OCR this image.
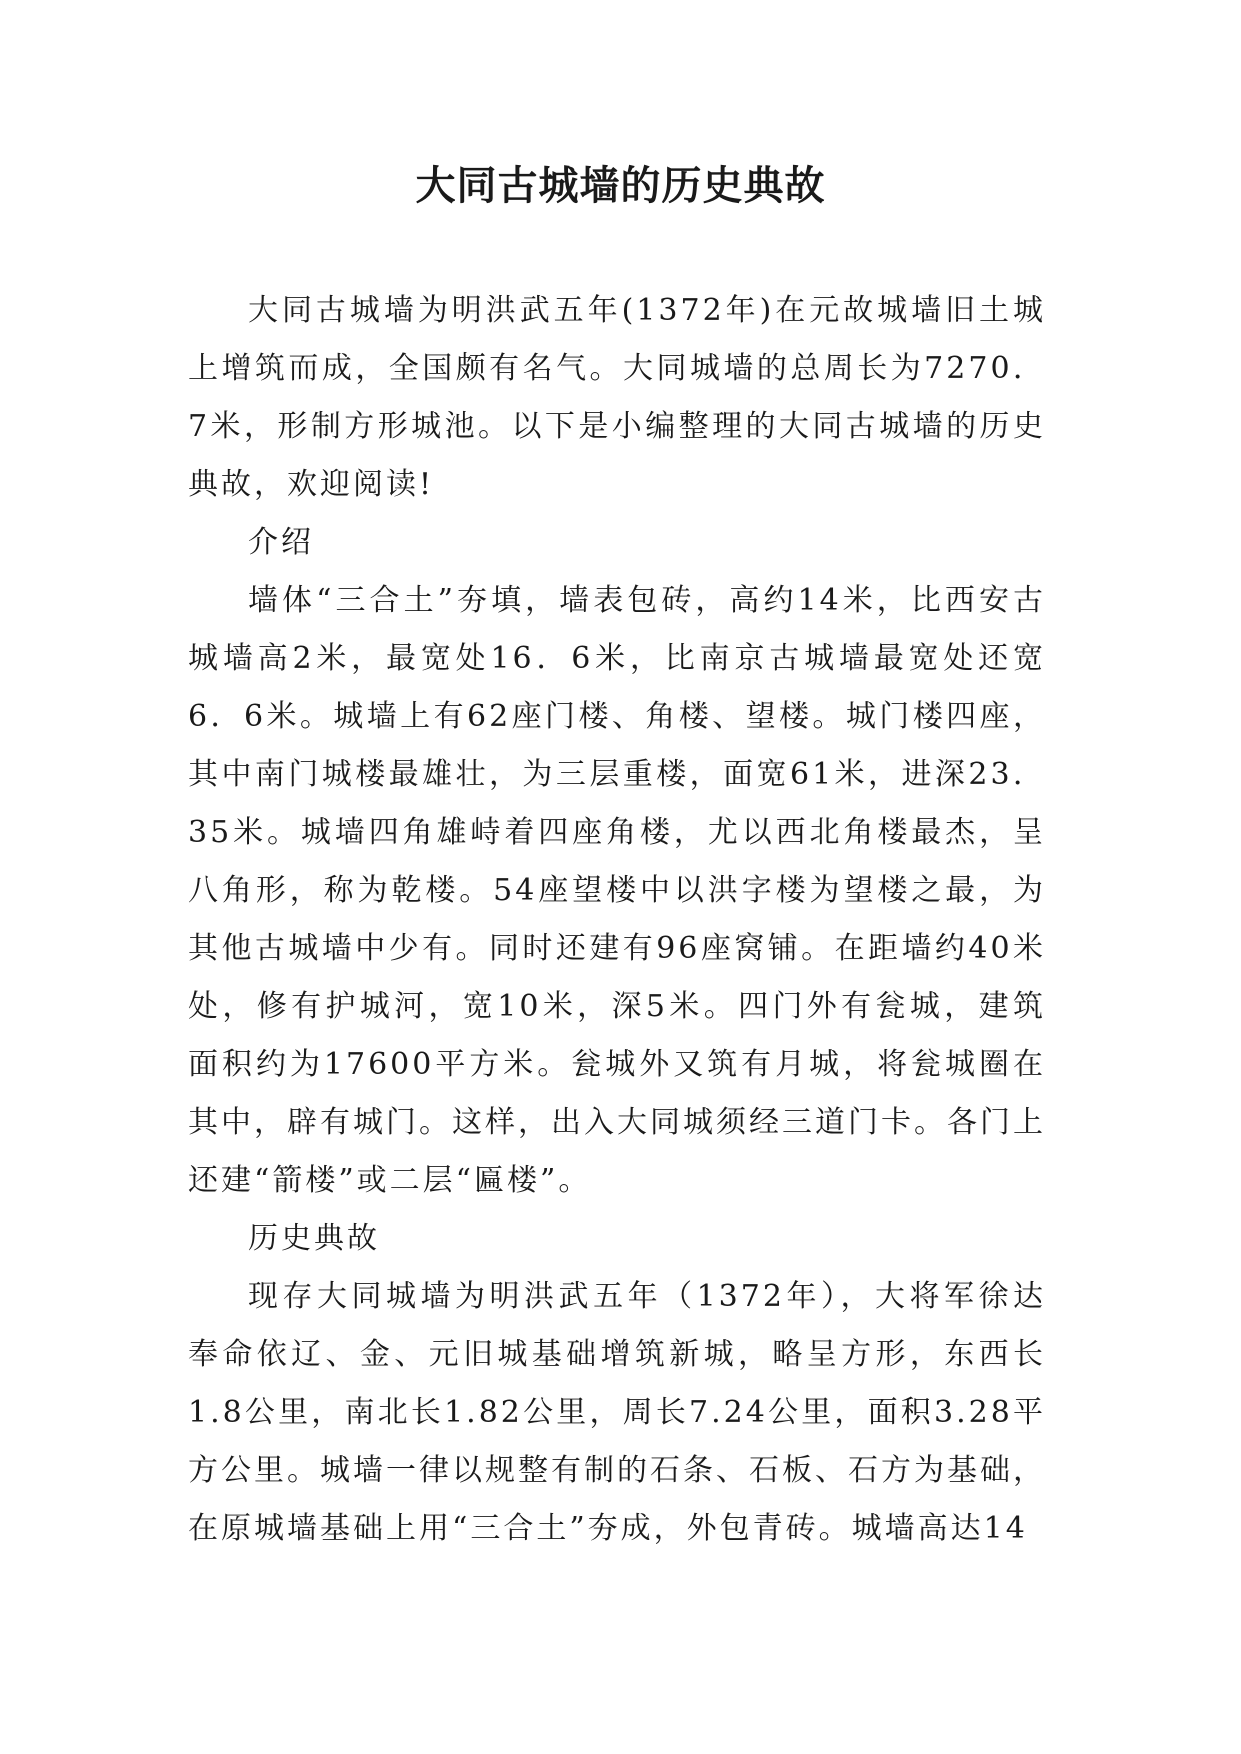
大同古城墙的历史典故

大同古城墙为明洪武五年(1372年)在元故城墙旧土城上增筑而成，全国颇有名气。大同城墙的总周长为7270．7米，形制方形城池。以下是小编整理的大同古城墙的历史典故，欢迎阅读!

介绍

墙体“三合土”夯填，墙表包砖，高约14米，比西安古城墙高2米，最宽处16．6米，比南京古城墙最宽处还宽6．6米。城墙上有62座门楼、角楼、望楼。城门楼四座，其中南门城楼最雄壮，为三层重楼，面宽61米，进深23．35米。城墙四角雄峙着四座角楼，尤以西北角楼最杰，呈八角形，称为乾楼。54座望楼中以洪字楼为望楼之最，为其他古城墙中少有。同时还建有96座窝铺。在距墙约40米处，修有护城河，宽10米，深5米。四门外有瓮城，建筑面积约为17600平方米。瓮城外又筑有月城，将瓮城圈在其中，辟有城门。这样，出入大同城须经三道门卡。各门上还建“箭楼”或二层“匾楼”。

历史典故

现存大同城墙为明洪武五年（1372年），大将军徐达奉命依辽、金、元旧城基础增筑新城，略呈方形，东西长1.8公里，南北长1.82公里，周长7.24公里，面积3.28平方公里。城墙一律以规整有制的石条、石板、石方为基础，在原城墙基础上用“三合土”夯成，外包青砖。城墙高达14
